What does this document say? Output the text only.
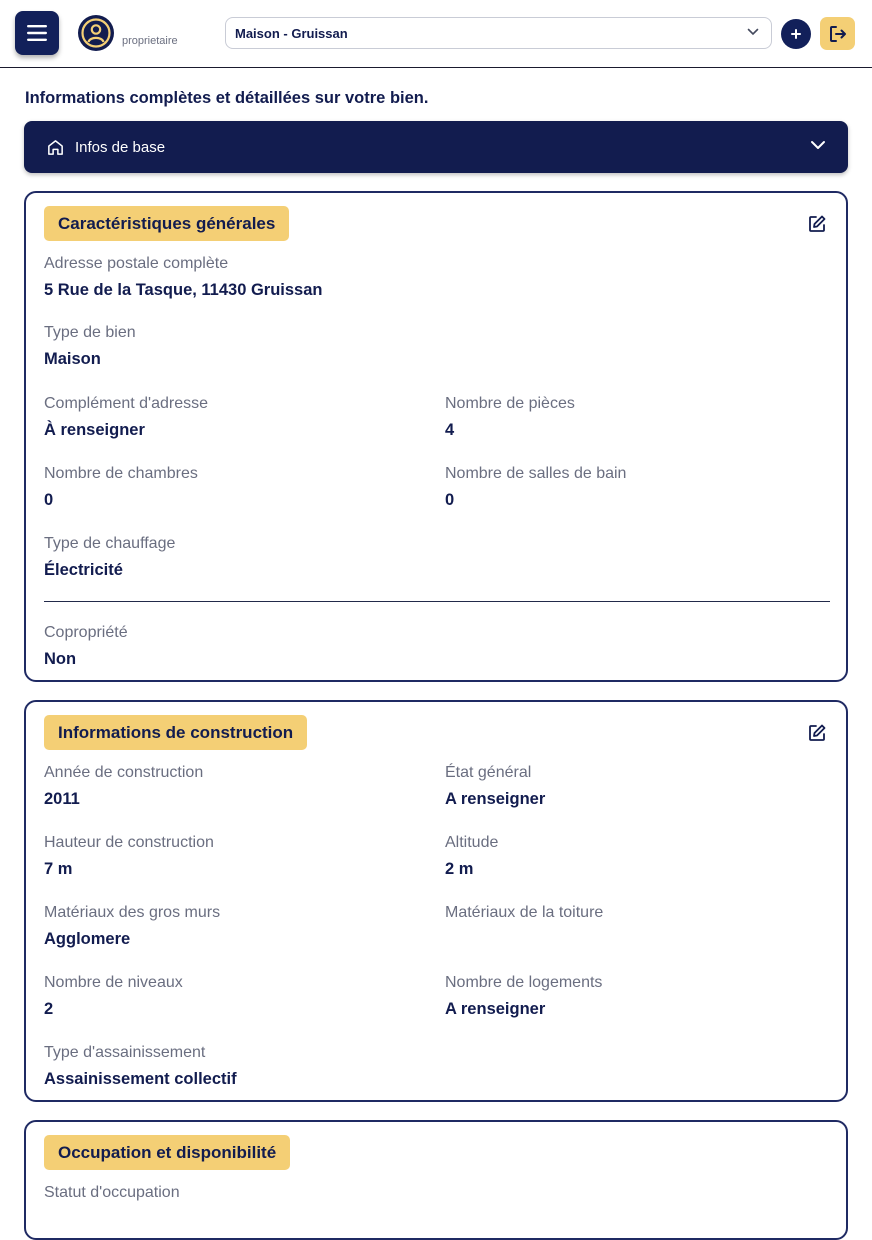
proprietaire
Maison - Gruissan
Informations complètes et détaillées sur votre bien.
Infos de base
Caractéristiques générales
Adresse postale complète
5 Rue de la Tasque, 11430 Gruissan
Type de bien
Maison
Complément d'adresse
À renseigner
Nombre de pièces
4
Nombre de chambres
0
Nombre de salles de bain
0
Type de chauffage
Électricité
Copropriété
Non
Informations de construction
Année de construction
2011
État général
A renseigner
Hauteur de construction
7 m
Altitude
2 m
Matériaux des gros murs
Agglomere
Matériaux de la toiture
Nombre de niveaux
2
Nombre de logements
A renseigner
Type d'assainissement
Assainissement collectif
Occupation et disponibilité
Statut d'occupation
